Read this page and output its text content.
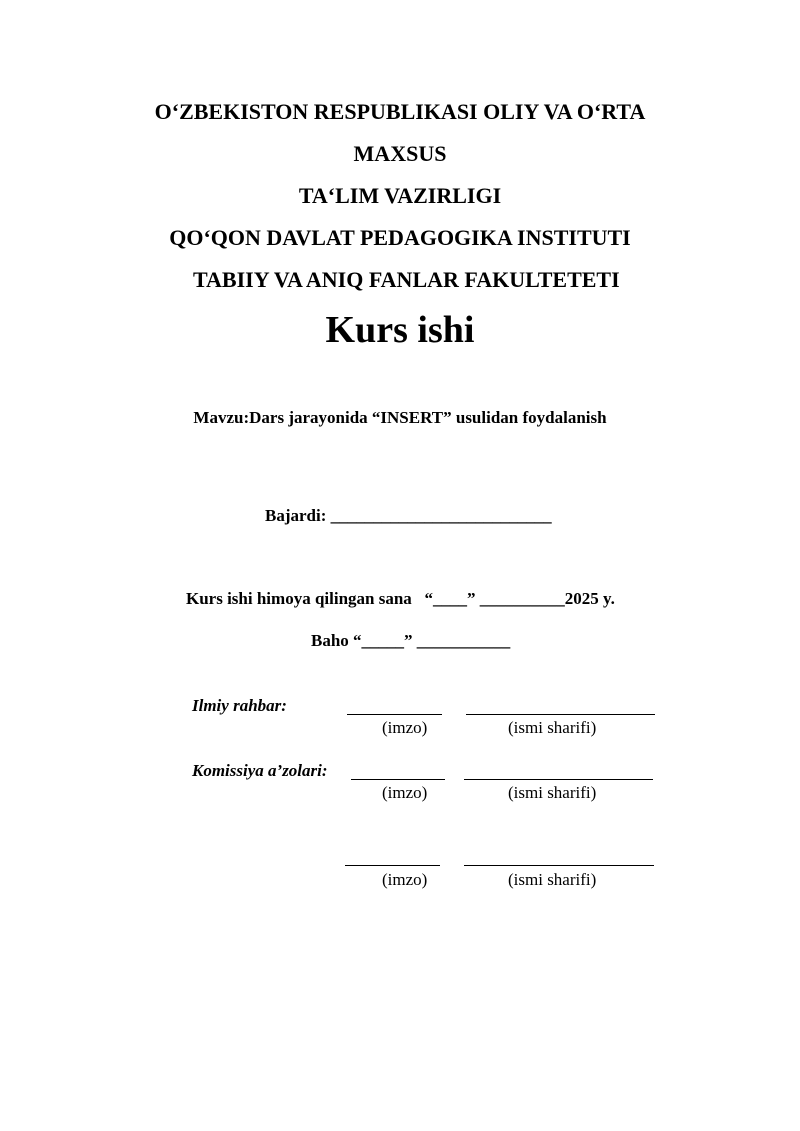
O‘ZBEKISTON RESPUBLIKASI OLIY VA O‘RTA
MAXSUS
TA‘LIM VAZIRLIGI
QO‘QON DAVLAT PEDAGOGIKA INSTITUTI
TABIIY VA ANIQ FANLAR FAKULTETETI
Kurs ishi
Mavzu:Dars jarayonida “INSERT” usulidan foydalanish
Bajardi: __________________________
Kurs ishi himoya qilingan sana   “____” __________2025 y.
Baho “_____” ___________
Ilmiy rahbar:
(imzo)	(ismi sharifi)
Komissiya a’zolari:
(imzo)	(ismi sharifi)
(imzo)	(ismi sharifi)
